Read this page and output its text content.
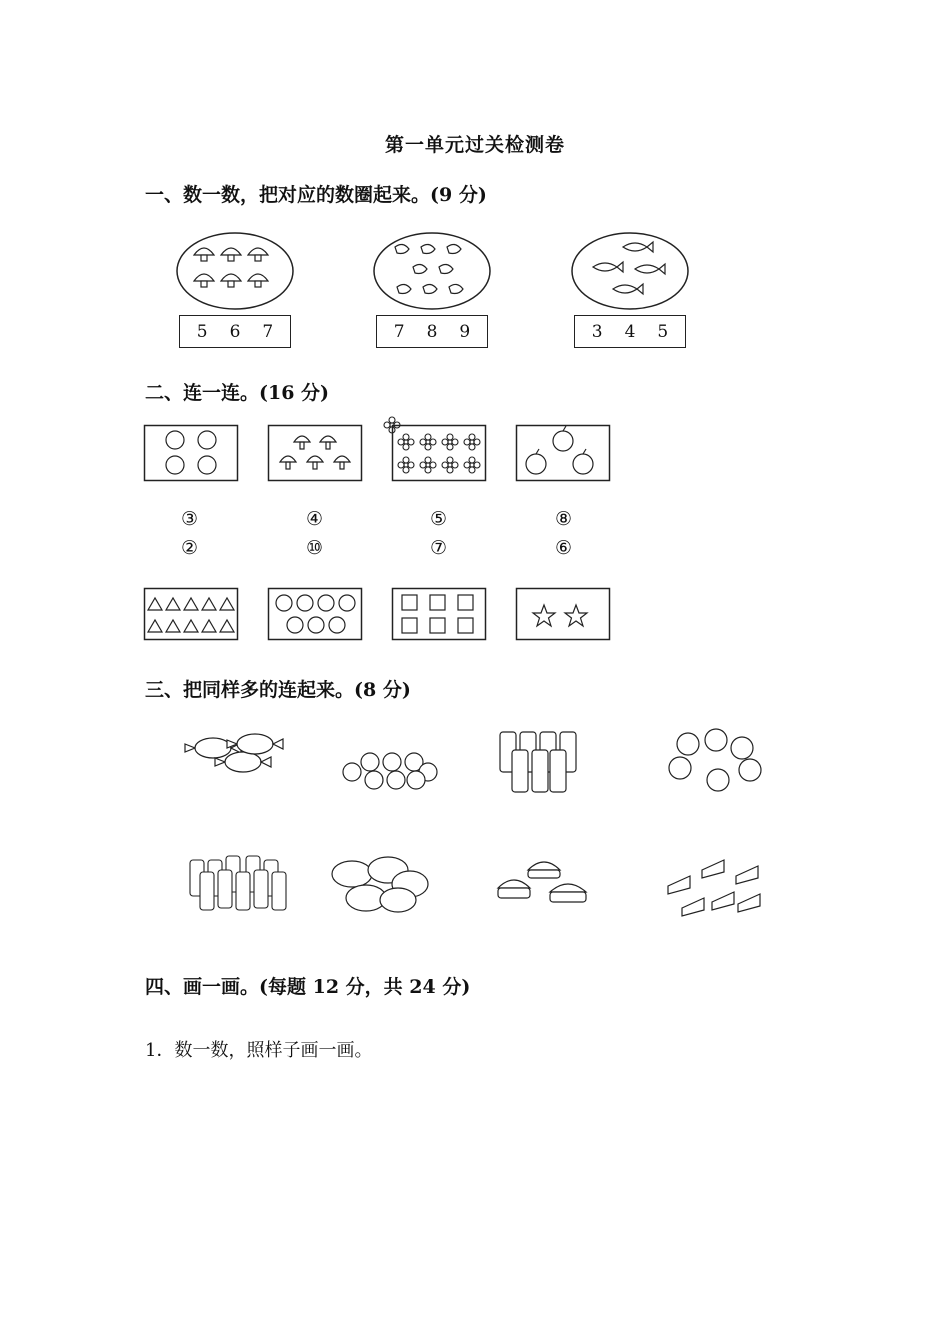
第一单元过关检测卷
一、数一数，把对应的数圈起来。(9 分)
5 6 7	7 8 9	3 4 5
二、连一连。(16 分)
③	④	⑤	⑧
②	⑩	⑦	⑥
三、把同样多的连起来。(8 分)
四、画一画。(每题 12 分，共 24 分)
1．数一数，照样子画一画。
